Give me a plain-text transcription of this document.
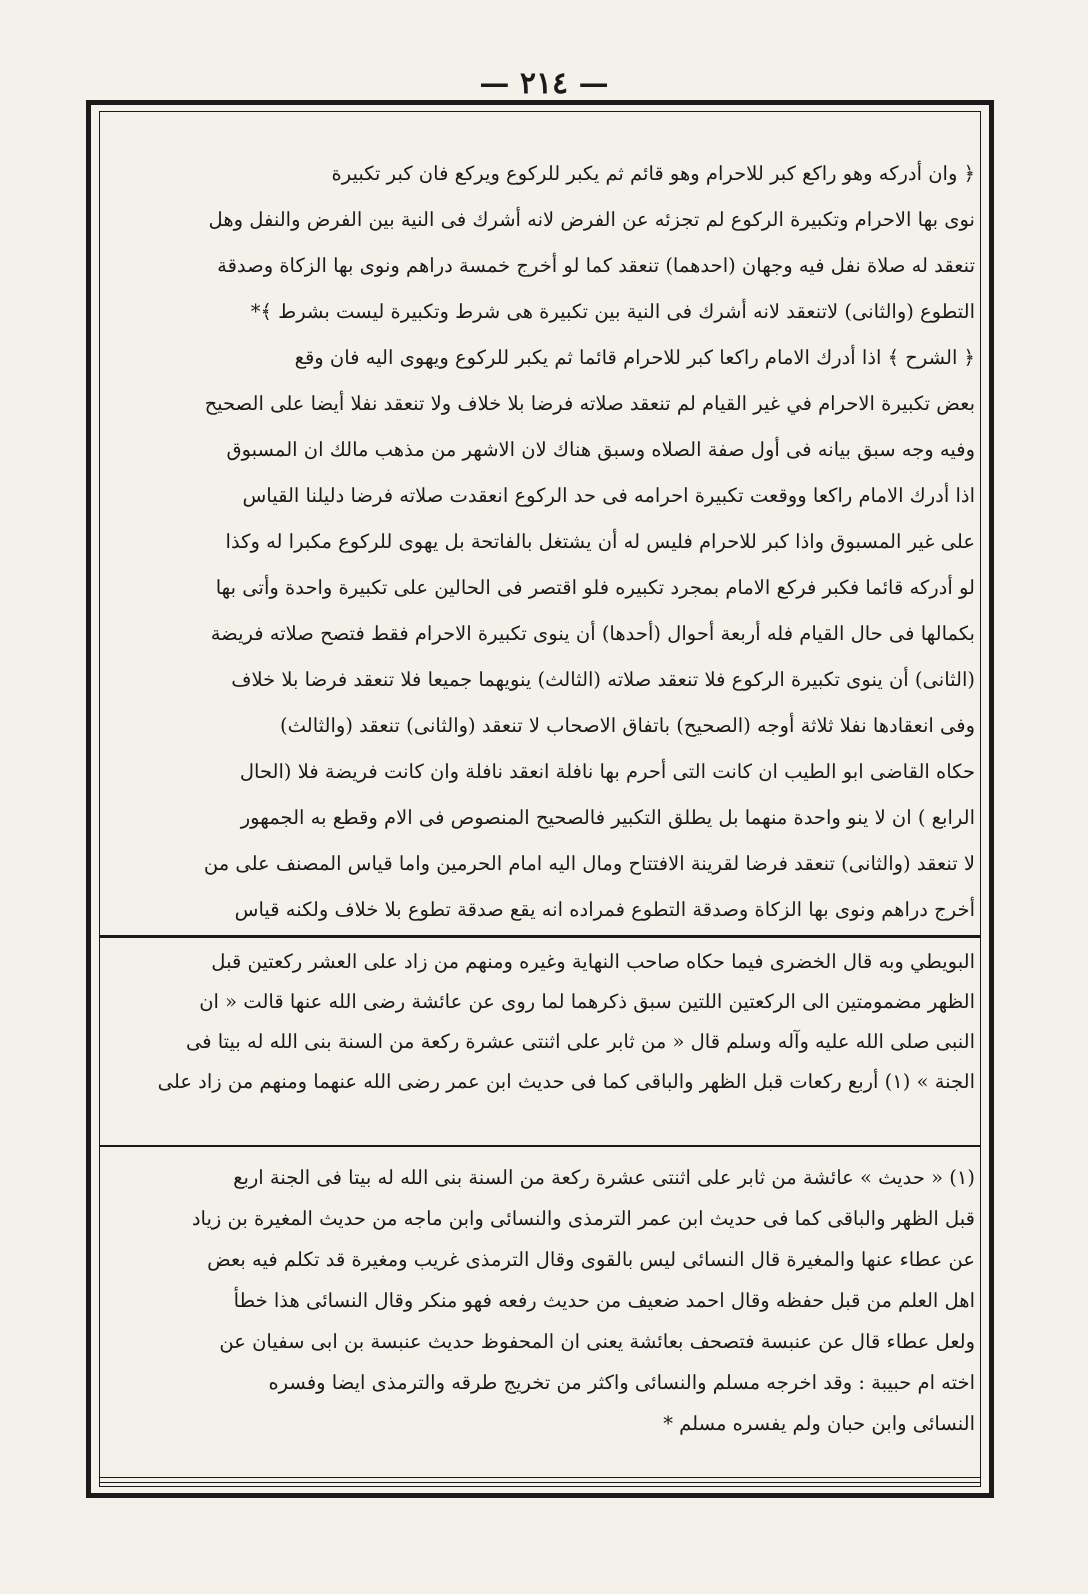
— ٢١٤ —
﴿ وان أدركه وهو راكع كبر للاحرام وهو قائم ثم يكبر للركوع ويركع فان كبر تكبيرة
نوى بها الاحرام وتكبيرة الركوع لم تجزئه عن الفرض لانه أشرك فى النية بين الفرض والنفل وهل
تنعقد له صلاة نفل فيه وجهان (احدهما) تنعقد كما لو أخرج خمسة دراهم ونوى بها الزكاة وصدقة
التطوع (والثانى) لاتنعقد لانه أشرك فى النية بين تكبيرة هى شرط وتكبيرة ليست بشرط ﴾*
﴿ الشرح ﴾ اذا أدرك الامام راكعا كبر للاحرام قائما ثم يكبر للركوع ويهوى اليه فان وقع
بعض تكبيرة الاحرام في غير القيام لم تنعقد صلاته فرضا بلا خلاف ولا تنعقد نفلا أيضا على الصحيح
وفيه وجه سبق بيانه فى أول صفة الصلاه وسبق هناك لان الاشهر من مذهب مالك ان المسبوق
اذا أدرك الامام راكعا ووقعت تكبيرة احرامه فى حد الركوع انعقدت صلاته فرضا دليلنا القياس
على غير المسبوق واذا كبر للاحرام فليس له أن يشتغل بالفاتحة بل يهوى للركوع مكبرا له وكذا
لو أدركه قائما فكبر فركع الامام بمجرد تكبيره فلو اقتصر فى الحالين على تكبيرة واحدة وأتى بها
بكمالها فى حال القيام فله أربعة أحوال (أحدها) أن ينوى تكبيرة الاحرام فقط فتصح صلاته فريضة
(الثانى) أن ينوى تكبيرة الركوع فلا تنعقد صلاته (الثالث) ينويهما جميعا فلا تنعقد فرضا بلا خلاف
وفى انعقادها نفلا ثلاثة أوجه (الصحيح) باتفاق الاصحاب لا تنعقد (والثانى) تنعقد (والثالث)
حكاه القاضى ابو الطيب ان كانت التى أحرم بها نافلة انعقد نافلة وان كانت فريضة فلا (الحال
الرابع ) ان لا ينو واحدة منهما بل يطلق التكبير فالصحيح المنصوص فى الام وقطع به الجمهور
لا تنعقد (والثانى) تنعقد فرضا لقرينة الافتتاح ومال اليه امام الحرمين واما قياس المصنف على من
أخرج دراهم ونوى بها الزكاة وصدقة التطوع فمراده انه يقع صدقة تطوع بلا خلاف ولكنه قياس
البويطي وبه قال الخضرى فيما حكاه صاحب النهاية وغيره ومنهم من زاد على العشر ركعتين قبل
الظهر مضمومتين الى الركعتين اللتين سبق ذكرهما لما روى عن عائشة رضى الله عنها قالت « ان
النبى صلى الله عليه وآله وسلم قال « من ثابر على اثنتى عشرة ركعة من السنة بنى الله له بيتا فى
الجنة » (١) أربع ركعات قبل الظهر والباقى كما فى حديث ابن عمر رضى الله عنهما ومنهم من زاد على
(١) « حديث » عائشة من ثابر على اثنتى عشرة ركعة من السنة بنى الله له بيتا فى الجنة اربع
قبل الظهر والباقى كما فى حديث ابن عمر الترمذى والنسائى وابن ماجه من حديث المغيرة بن زياد
عن عطاء عنها والمغيرة قال النسائى ليس بالقوى وقال الترمذى غريب ومغيرة قد تكلم فيه بعض
اهل العلم من قبل حفظه وقال احمد ضعيف من حديث رفعه فهو منكر وقال النسائى هذا خطأ
ولعل عطاء قال عن عنبسة فتصحف بعائشة يعنى ان المحفوظ حديث عنبسة بن ابى سفيان عن
اخته ام حبيبة : وقد اخرجه مسلم والنسائى واكثر من تخريج طرقه والترمذى ايضا وفسره
النسائى وابن حبان ولم يفسره مسلم *
